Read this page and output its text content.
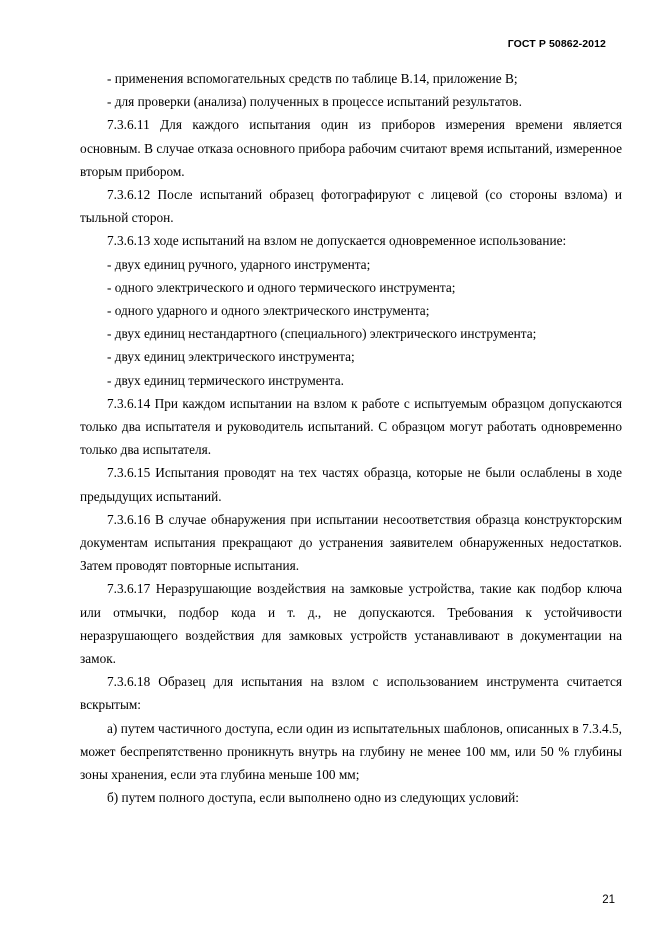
ГОСТ Р 50862-2012

- применения вспомогательных средств по таблице В.14, приложение В;

- для проверки (анализа) полученных в процессе испытаний результатов.

7.3.6.11 Для каждого испытания один из приборов измерения времени является основным. В случае отказа основного прибора рабочим считают время испытаний, измеренное вторым прибором.

7.3.6.12 После испытаний образец фотографируют с лицевой (со стороны взлома) и тыльной сторон.

7.3.6.13 ходе испытаний на взлом не допускается одновременное использование:

- двух единиц ручного, ударного инструмента;

- одного электрического и одного термического инструмента;

- одного ударного и одного электрического инструмента;

- двух единиц нестандартного (специального) электрического инструмента;

- двух единиц электрического инструмента;

- двух единиц термического инструмента.

7.3.6.14 При каждом испытании на взлом к работе с испытуемым образцом допускаются только два испытателя и руководитель испытаний. С образцом могут работать одновременно только два испытателя.

7.3.6.15 Испытания проводят на тех частях образца, которые не были ослаблены в ходе предыдущих испытаний.

7.3.6.16 В случае обнаружения при испытании несоответствия образца конструкторским документам испытания прекращают до устранения заявителем обнаруженных недостатков. Затем проводят повторные испытания.

7.3.6.17 Неразрушающие воздействия на замковые устройства, такие как подбор ключа или отмычки, подбор кода и т. д., не допускаются. Требования к устойчивости неразрушающего воздействия для замковых устройств устанавливают в документации на замок.

7.3.6.18 Образец для испытания на взлом с использованием инструмента считается вскрытым:

а) путем частичного доступа, если один из испытательных шаблонов, описанных в 7.3.4.5, может беспрепятственно проникнуть внутрь на глубину не менее 100 мм, или 50 % глубины зоны хранения, если эта глубина меньше 100 мм;

б) путем полного доступа, если выполнено одно из следующих условий:

21
